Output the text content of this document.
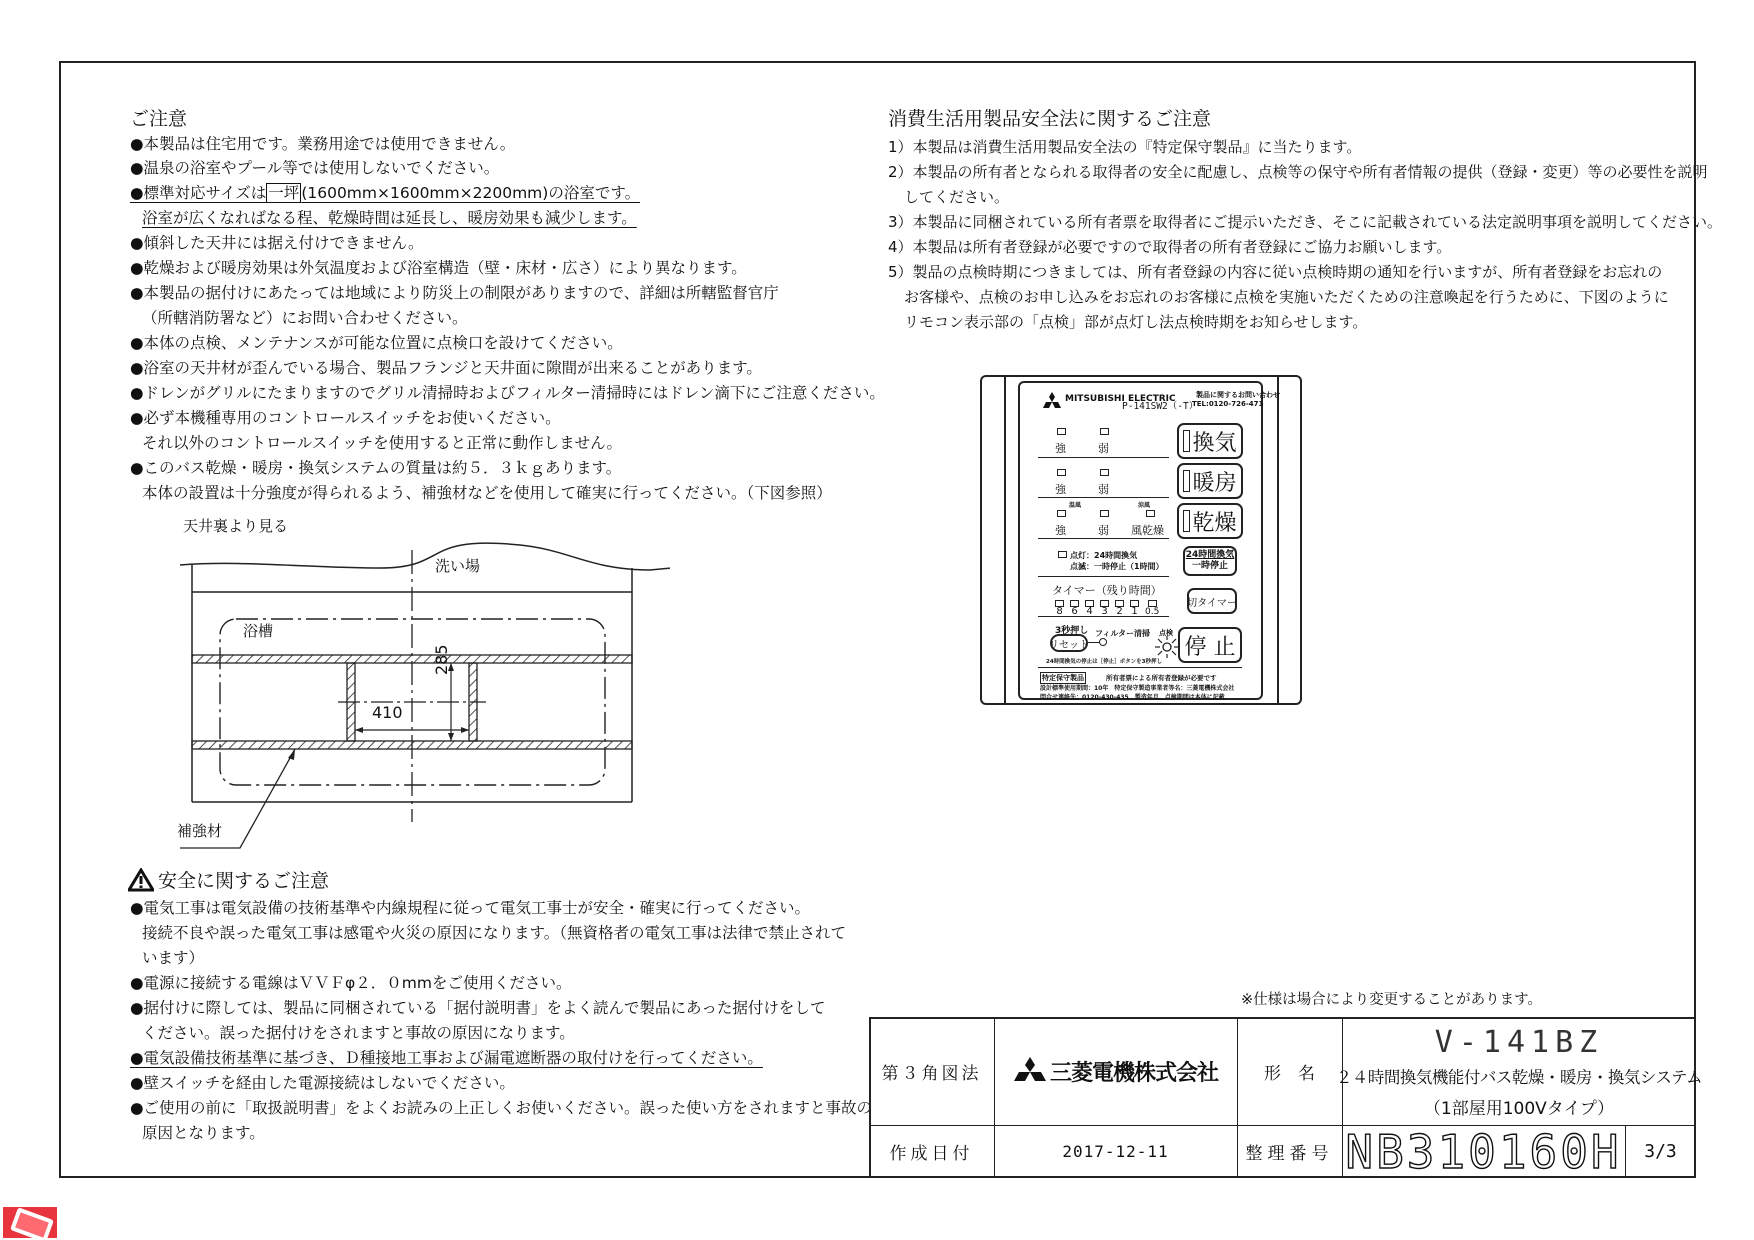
ご注意
●本製品は住宅用です。業務用途では使用できません。
●温泉の浴室やプール等では使用しないでください。
●標準対応サイズは 一坪 (1600mm×1600mm×2200mm)の浴室です。
浴室が広くなればなる程、乾燥時間は延長し、暖房効果も減少します。
●傾斜した天井には据え付けできません。
●乾燥および暖房効果は外気温度および浴室構造（壁・床材・広さ）により異なります。
●本製品の据付けにあたっては地域により防災上の制限がありますので、詳細は所轄監督官庁
（所轄消防署など）にお問い合わせください。
●本体の点検、メンテナンスが可能な位置に点検口を設けてください。
●浴室の天井材が歪んでいる場合、製品フランジと天井面に隙間が出来ることがあります。
●ドレンがグリルにたまりますのでグリル清掃時およびフィルター清掃時にはドレン滴下にご注意ください。
●必ず本機種専用のコントロールスイッチをお使いください。
それ以外のコントロールスイッチを使用すると正常に動作しません。
●このバス乾燥・暖房・換気システムの質量は約５．３ｋｇあります。
本体の設置は十分強度が得られるよう、補強材などを使用して確実に行ってください。（下図参照）
天井裏より見る
洗い場
浴槽
410
285
補強材
安全に関するご注意
●電気工事は電気設備の技術基準や内線規程に従って電気工事士が安全・確実に行ってください。
接続不良や誤った電気工事は感電や火災の原因になります。（無資格者の電気工事は法律で禁止されて
います）
●電源に接続する電線はＶＶＦφ２．０mmをご使用ください。
●据付けに際しては、製品に同梱されている「据付説明書」をよく読んで製品にあった据付けをして
ください。誤った据付けをされますと事故の原因になります。
●電気設備技術基準に基づき、Ｄ種接地工事および漏電遮断器の取付けを行ってください。
●壁スイッチを経由した電源接続はしないでください。
●ご使用の前に「取扱説明書」をよくお読みの上正しくお使いください。誤った使い方をされますと事故の
原因となります。
消費生活用製品安全法に関するご注意
1）本製品は消費生活用製品安全法の『特定保守製品』に当たります。
2）本製品の所有者となられる取得者の安全に配慮し、点検等の保守や所有者情報の提供（登録・変更）等の必要性を説明
してください。
3）本製品に同梱されている所有者票を取得者にご提示いただき、そこに記載されている法定説明事項を説明してください。
4）本製品は所有者登録が必要ですので取得者の所有者登録にご協力お願いします。
5）製品の点検時期につきましては、所有者登録の内容に従い点検時期の通知を行いますが、所有者登録をお忘れの
お客様や、点検のお申し込みをお忘れのお客様に点検を実施いただくための注意喚起を行うために、下図のように
リモコン表示部の「点検」部が点灯し法点検時期をお知らせします。
MITSUBISHI ELECTRIC
P-141SW2（-T）
製品に関するお問い合わせ
TEL:0120-726-471
強	弱	換気
強	弱	暖房
温風	涼風
強	弱 風乾燥 乾燥
点灯：24時間換気
点滅：一時停止（1時間）
24時間換気
一時停止
タイマー（残り時間）
8 6 4 3 2 1 0.5
切タイマー
3秒押し
リセット
フィルター清掃 点検
停 止
24時間換気の停止は［停止］ボタンを3秒押し
特定保守製品	所有者票による所有者登録が必要です
設計標準使用期間：10年　特定保守製造事業者等名：三菱電機株式会社
問合せ連絡先：0120-430-435　製造年月、点検期間は本体に記載
※仕様は場合により変更することがあります。
第３角図法	三菱電機株式会社	形　名
V-141BZ
２４時間換気機能付バス乾燥・暖房・換気システム
（1部屋用100Vタイプ）
作成日付	2017-12-11	整理番号 NB310160H	3/3
